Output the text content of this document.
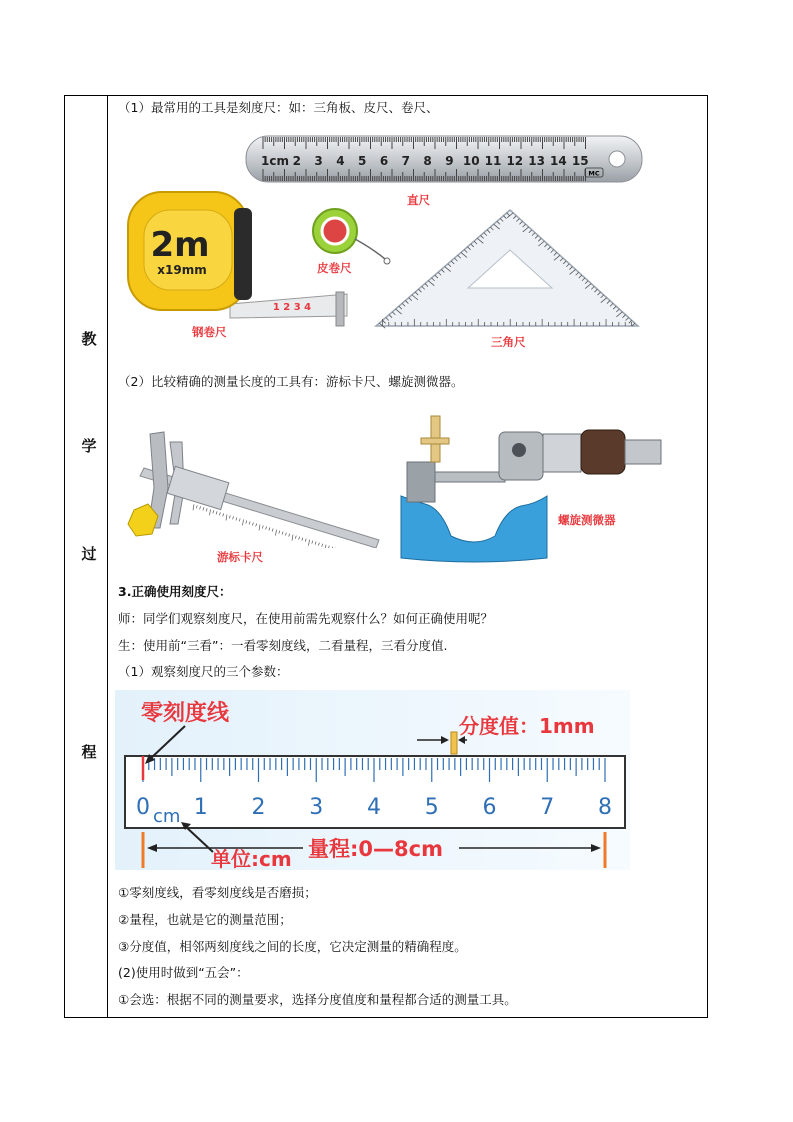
教
学
过
程
（1）最常用的工具是刻度尺：如：三角板、皮尺、卷尺、
MC
1cm 2 3 4 5 6 7 8 9 10 11 12 13 14 15
直尺
1 2 3 4
2m
x19mm
钢卷尺
皮卷尺
三角尺
（2）比较精确的测量长度的工具有：游标卡尺、螺旋测微器。
游标卡尺
螺旋测微器
3.正确使用刻度尺：
师：同学们观察刻度尺，在使用前需先观察什么？如何正确使用呢？
生：使用前“三看”：一看零刻度线，二看量程，三看分度值.
（1）观察刻度尺的三个参数：
0 1 2 3 4 5 6 7 8
cm
零刻度线	分度值：1mm
量程:0—8cm
单位:cm
①零刻度线，看零刻度线是否磨损；
②量程，也就是它的测量范围；
③分度值，相邻两刻度线之间的长度，它决定测量的精确程度。
(2)使用时做到“五会”：
①会选：根据不同的测量要求，选择分度值度和量程都合适的测量工具。
